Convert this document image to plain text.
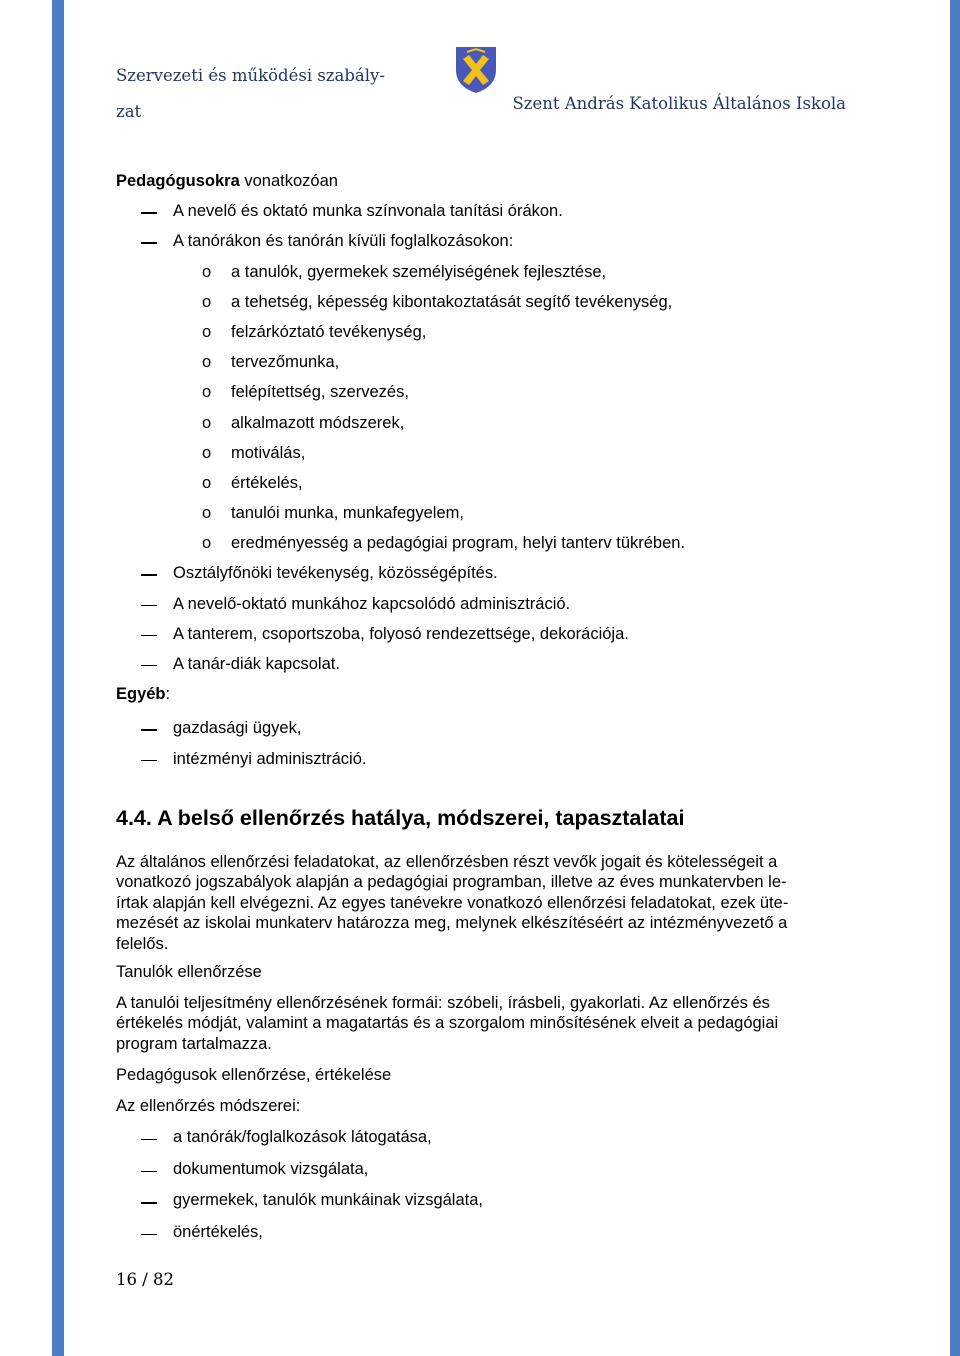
Szervezeti és működési szabály-
zat	Szent András Katolikus Általános Iskola
Pedagógusokra vonatkozóan
A nevelő és oktató munka színvonala tanítási órákon.
A tanórákon és tanórán kívüli foglalkozásokon:
o a tanulók, gyermekek személyiségének fejlesztése,
o a tehetség, képesség kibontakoztatását segítő tevékenység,
o felzárkóztató tevékenység,
o tervezőmunka,
o felépítettség, szervezés,
o alkalmazott módszerek,
o motiválás,
o értékelés,
o tanulói munka, munkafegyelem,
o eredményesség a pedagógiai program, helyi tanterv tükrében.
Osztályfőnöki tevékenység, közösségépítés.
A nevelő-oktató munkához kapcsolódó adminisztráció.
A tanterem, csoportszoba, folyosó rendezettsége, dekorációja.
A tanár-diák kapcsolat.
Egyéb:
gazdasági ügyek,
intézményi adminisztráció.
4.4. A belső ellenőrzés hatálya, módszerei, tapasztalatai
Az általános ellenőrzési feladatokat, az ellenőrzésben részt vevők jogait és kötelességeit a
vonatkozó jogszabályok alapján a pedagógiai programban, illetve az éves munkatervben le-
írtak alapján kell elvégezni. Az egyes tanévekre vonatkozó ellenőrzési feladatokat, ezek üte-
mezését az iskolai munkaterv határozza meg, melynek elkészítéséért az intézményvezető a
felelős.
Tanulók ellenőrzése
A tanulói teljesítmény ellenőrzésének formái: szóbeli, írásbeli, gyakorlati. Az ellenőrzés és
értékelés módját, valamint a magatartás és a szorgalom minősítésének elveit a pedagógiai
program tartalmazza.
Pedagógusok ellenőrzése, értékelése
Az ellenőrzés módszerei:
a tanórák/foglalkozások látogatása,
dokumentumok vizsgálata,
gyermekek, tanulók munkáinak vizsgálata,
önértékelés,
16 / 82
